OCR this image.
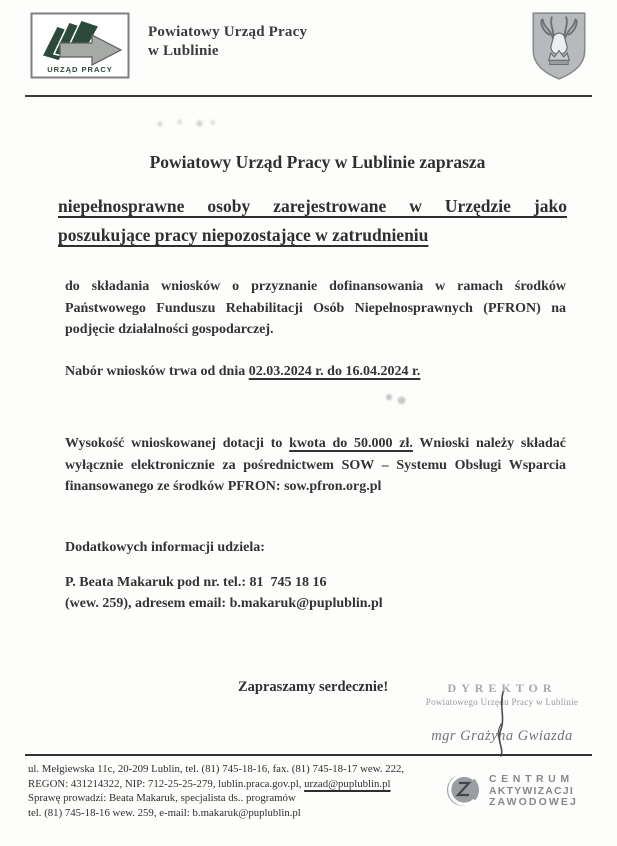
URZĄD PRACY
Powiatowy Urząd Pracy
w Lublinie
Powiatowy Urząd Pracy w Lublinie zaprasza
niepełnosprawne osoby zarejestrowane w Urzędzie jako
poszukujące pracy niepozostające w zatrudnieniu
do składania wniosków o przyznanie dofinansowania w ramach środków Państwowego Funduszu Rehabilitacji Osób Niepełnosprawnych (PFRON) na podjęcie działalności gospodarczej.
Nabór wniosków trwa od dnia 02.03.2024 r. do 16.04.2024 r.
Wysokość wnioskowanej dotacji to kwota do 50.000 zł. Wnioski należy składać wyłącznie elektronicznie za pośrednictwem SOW – Systemu Obsługi Wsparcia finansowanego ze środków PFRON: sow.pfron.org.pl
Dodatkowych informacji udziela:
P. Beata Makaruk pod nr. tel.: 81  745 18 16
(wew. 259), adresem email: b.makaruk@puplublin.pl
Zapraszamy serdecznie!	DYREKTOR
Powiatowego Urzędu Pracy w Lublinie
mgr Grażyna Gwiazda
ul. Mełgiewska 11c, 20-209 Lublin, tel. (81) 745-18-16, fax. (81) 745-18-17 wew. 222, REGON: 431214322, NIP: 712-25-25-279, lublin.praca.gov.pl, urzad@puplublin.pl
Sprawę prowadzi: Beata Makaruk, specjalista ds.. programów
tel. (81) 745-18-16 wew. 259, e-mail: b.makaruk@puplublin.pl
CENTRUM
AKTYWIZACJI
ZAWODOWEJ
